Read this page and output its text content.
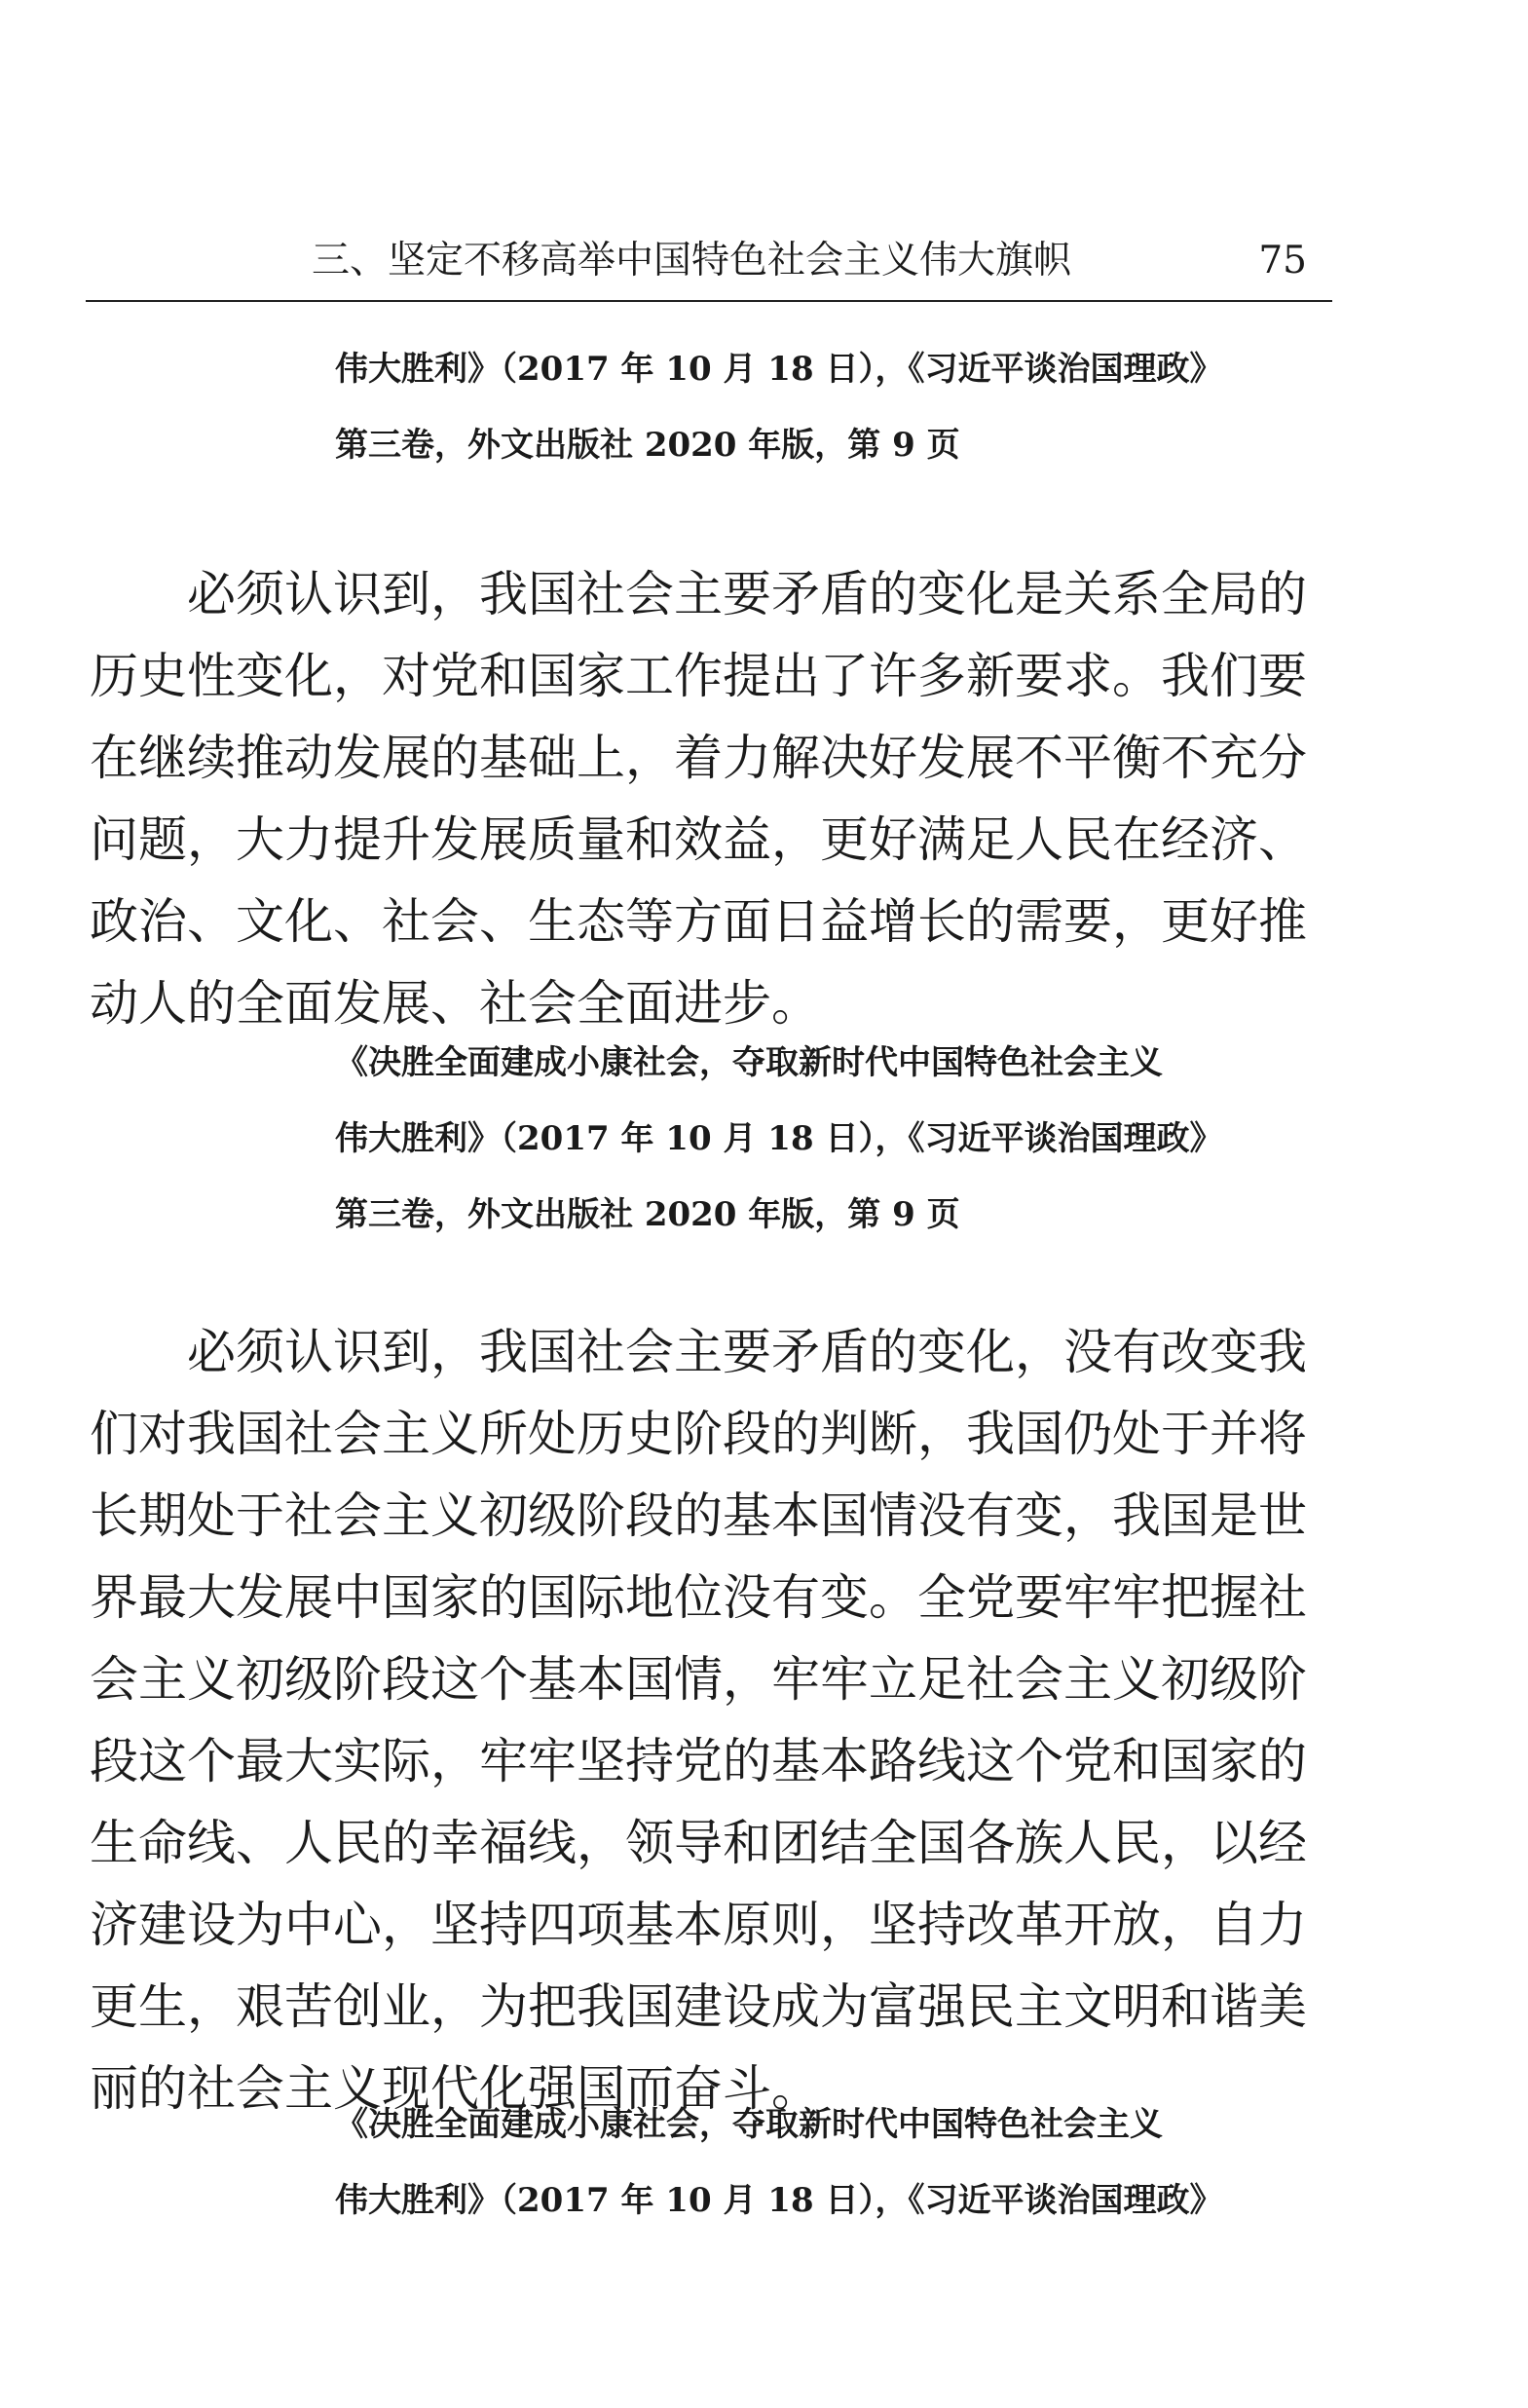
三、坚定不移高举中国特色社会主义伟大旗帜	75
伟大胜利》（2017 年 10 月 18 日），《习近平谈治国理政》
第三卷，外文出版社 2020 年版，第 9 页
必须认识到，我国社会主要矛盾的变化是关系全局的
历史性变化，对党和国家工作提出了许多新要求。我们要
在继续推动发展的基础上，着力解决好发展不平衡不充分
问题，大力提升发展质量和效益，更好满足人民在经济、
政治、文化、社会、生态等方面日益增长的需要，更好推
动人的全面发展、社会全面进步。
《决胜全面建成小康社会，夺取新时代中国特色社会主义
伟大胜利》（2017 年 10 月 18 日），《习近平谈治国理政》
第三卷，外文出版社 2020 年版，第 9 页
必须认识到，我国社会主要矛盾的变化，没有改变我
们对我国社会主义所处历史阶段的判断，我国仍处于并将
长期处于社会主义初级阶段的基本国情没有变，我国是世
界最大发展中国家的国际地位没有变。全党要牢牢把握社
会主义初级阶段这个基本国情，牢牢立足社会主义初级阶
段这个最大实际，牢牢坚持党的基本路线这个党和国家的
生命线、人民的幸福线，领导和团结全国各族人民，以经
济建设为中心，坚持四项基本原则，坚持改革开放，自力
更生，艰苦创业，为把我国建设成为富强民主文明和谐美
丽的社会主义现代化强国而奋斗。
《决胜全面建成小康社会，夺取新时代中国特色社会主义
伟大胜利》（2017 年 10 月 18 日），《习近平谈治国理政》
